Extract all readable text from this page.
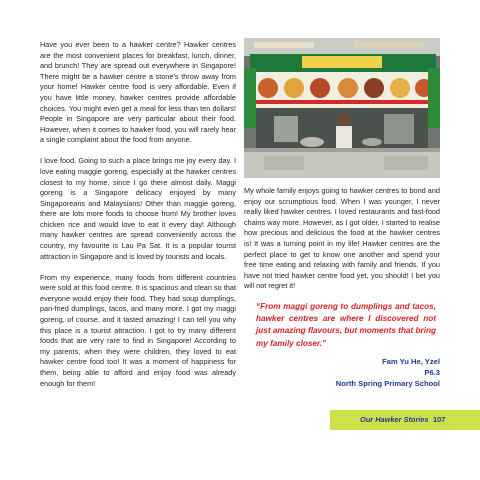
Have you ever been to a hawker centre? Hawker centres are the most convenient places for breakfast, lunch, dinner, and brunch! They are spread out everywhere in Singapore! There might be a hawker centre a stone’s throw away from your home! Hawker centre food is very affordable. Even if you have little money, hawker centres provide affordable choices. You might even get a meal for less than ten dollars! People in Singapore are very particular about their food. However, when it comes to hawker food, you will rarely hear a single complaint about the food from anyone.

I love food. Going to such a place brings me joy every day. I love eating maggie goreng, especially at the hawker centres closest to my home, since I go there almost daily. Maggi goreng is a Singapore delicacy enjoyed by many Singaporeans and Malaysians! Other than maggie goreng, there are lots more foods to choose from! My brother loves chicken rice and would love to eat it every day! Although many hawker centres are spread conveniently across the country, my favourite is Lau Pa Sat. It is a popular tourist attraction in Singapore and is loved by tourists and locals.

From my experience, many foods from different countries were sold at this food centre. It is spacious and clean so that everyone would enjoy their food. They had soup dumplings, pan-fried dumplings, tacos, and many more. I got my maggi goreng, of course, and it tasted amazing! I can tell you why this place is a tourist attraction. I got to try many different foods that are very rare to find in Singapore! According to my parents, when they were children, they loved to eat hawker centre food too! It was a moment of happiness for them, being able to afford and enjoy food was already enough for them!

My whole family enjoys going to hawker centres to bond and enjoy our scrumptious food. When I was younger, I never really liked hawker centres. I loved restaurants and fast-food chains way more. However, as I got older, I started to realise how precious and delicious the food at the hawker centres is! It was a turning point in my life! Hawker centres are the perfect place to get to know one another and spend your free time eating and relaxing with family and friends. If you have not tried hawker centre food yet, you should! I bet you will not regret it!

“From maggi goreng to dumplings and tacos, hawker centres are where I discovered not just amazing flavours, but moments that bring my family closer.”
Fam Yu He, Yzel
P6.3
North Spring Primary School
Our Hawker Stories 107
